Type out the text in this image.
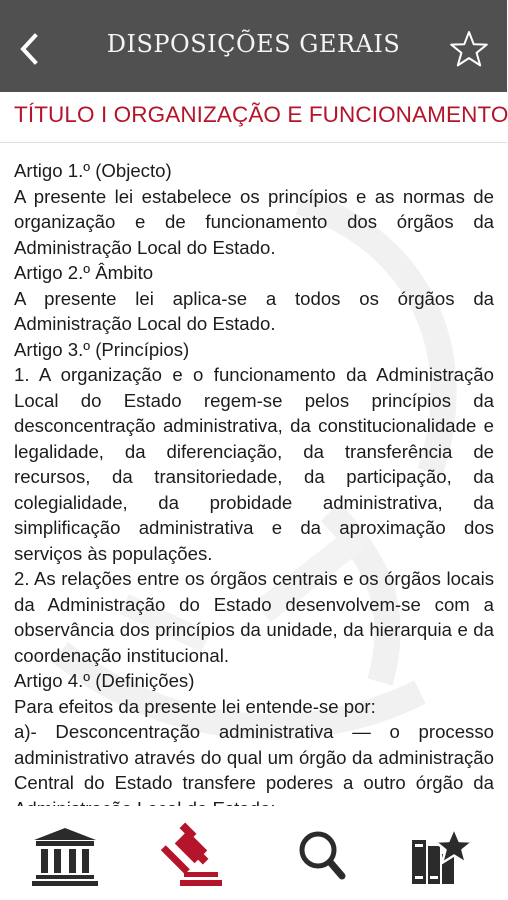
DISPOSIÇÕES GERAIS
TÍTULO I ORGANIZAÇÃO E FUNCIONAMENTO

Artigo 1.º (Objecto)

A presente lei estabelece os princípios e as normas de organização e de funcionamento dos órgãos da Administração Local do Estado.

Artigo 2.º Âmbito

A presente lei aplica-se a todos os órgãos da Administração Local do Estado.

Artigo 3.º (Princípios)

1. A organização e o funcionamento da Administração Local do Estado regem-se pelos princípios da desconcentração administrativa, da constitucionalidade e legalidade, da diferenciação, da transferência de recursos, da transitoriedade, da participação, da colegialidade, da probidade administrativa, da simplificação administrativa e da aproximação dos serviços às populações.

2. As relações entre os órgãos centrais e os órgãos locais da Administração do Estado desenvolvem-se com a observância dos princípios da unidade, da hierarquia e da coordenação institucional.

Artigo 4.º (Definições)

Para efeitos da presente lei entende-se por:

a)- Desconcentração administrativa — o processo administrativo através do qual um órgão da administração Central do Estado transfere poderes a outro órgão da
